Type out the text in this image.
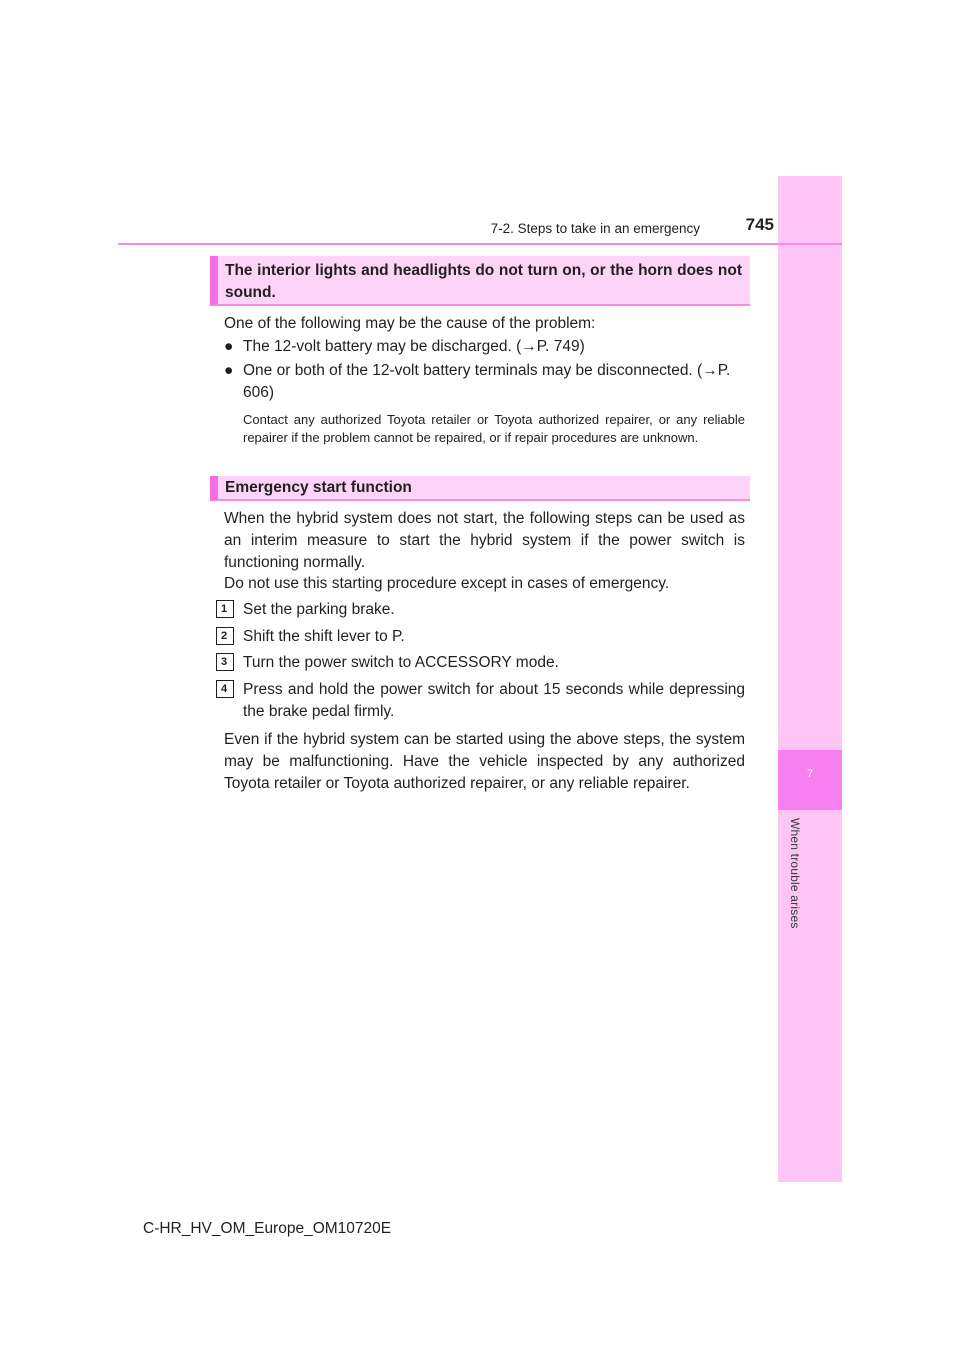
7
When trouble arises
7-2. Steps to take in an emergency	745
The interior lights and headlights do not turn on, or the horn does not sound.
One of the following may be the cause of the problem:
● The 12-volt battery may be discharged. (→P. 749)
● One or both of the 12-volt battery terminals may be disconnected. (→P. 606)
Contact any authorized Toyota retailer or Toyota authorized repairer, or any reliable repairer if the problem cannot be repaired, or if repair procedures are unknown.
Emergency start function
When the hybrid system does not start, the following steps can be used as an interim measure to start the hybrid system if the power switch is functioning normally.
Do not use this starting procedure except in cases of emergency.
1	Set the parking brake.
2	Shift the shift lever to P.
3	Turn the power switch to ACCESSORY mode.
4	Press and hold the power switch for about 15 seconds while depressing the brake pedal firmly.
Even if the hybrid system can be started using the above steps, the system may be malfunctioning. Have the vehicle inspected by any authorized Toyota retailer or Toyota authorized repairer, or any reliable repairer.
C-HR_HV_OM_Europe_OM10720E
